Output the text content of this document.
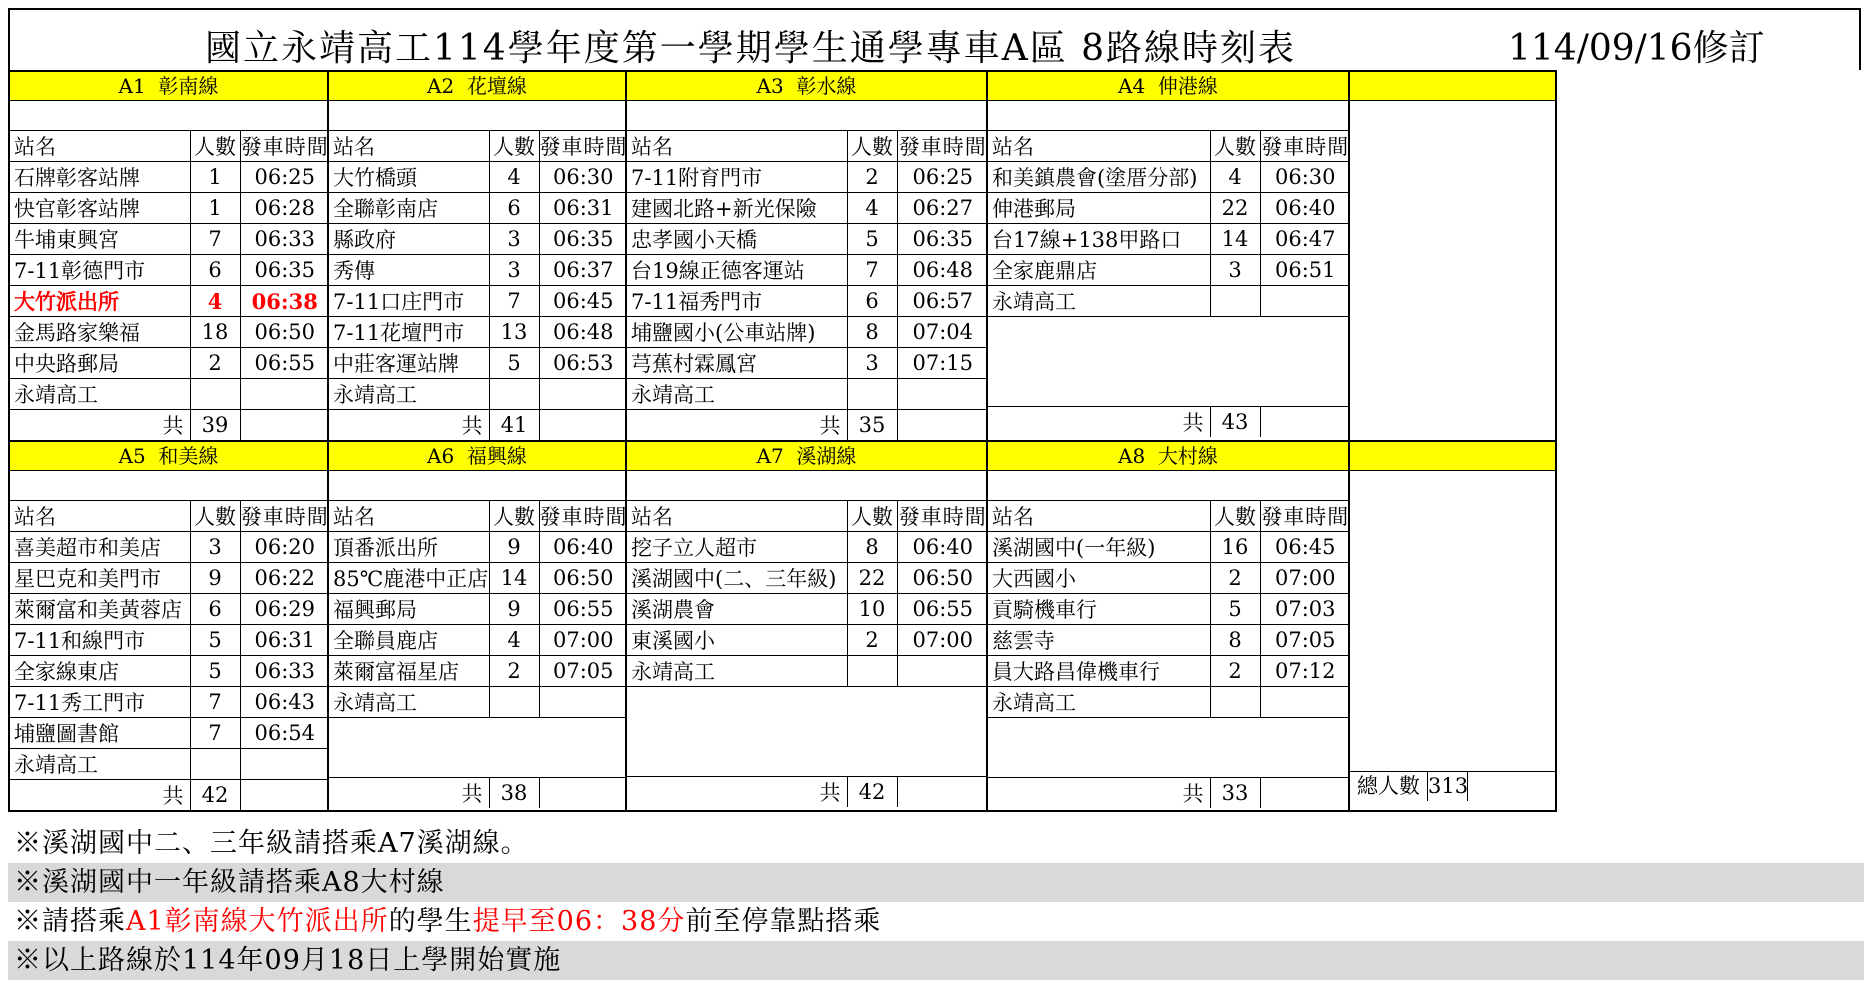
國立永靖高工114學年度第一學期學生通學專車A區 8路線時刻表	114/09/16修訂
A1  彰南線
站名	人數	發車時間
石牌彰客站牌	1	06:25
快官彰客站牌	1	06:28
牛埔東興宮	7	06:33
7-11彰德門市	6	06:35
大竹派出所	4	06:38
金馬路家樂福	18	06:50
中央路郵局	2	06:55
永靖高工		
共	39	
A2  花壇線
站名	人數	發車時間
大竹橋頭	4	06:30
全聯彰南店	6	06:31
縣政府	3	06:35
秀傳	3	06:37
7-11口庄門市	7	06:45
7-11花壇門市	13	06:48
中莊客運站牌	5	06:53
永靖高工		
共	41	
A3  彰水線
站名	人數	發車時間
7-11附育門市	2	06:25
建國北路+新光保險	4	06:27
忠孝國小天橋	5	06:35
台19線正德客運站	7	06:48
7-11福秀門市	6	06:57
埔鹽國小(公車站牌)	8	07:04
芎蕉村霖鳳宮	3	07:15
永靖高工		
共	35	
A4  伸港線
站名	人數	發車時間
和美鎮農會(塗厝分部)	4	06:30
伸港郵局	22	06:40
台17線+138甲路口	14	06:47
全家鹿鼎店	3	06:51
永靖高工		

共	43	
A5  和美線
站名	人數	發車時間
喜美超市和美店	3	06:20
星巴克和美門市	9	06:22
萊爾富和美黃蓉店	6	06:29
7-11和線門市	5	06:31
全家線東店	5	06:33
7-11秀工門市	7	06:43
埔鹽圖書館	7	06:54
永靖高工		
共	42	
A6  福興線
站名	人數	發車時間
頂番派出所	9	06:40
85℃鹿港中正店	14	06:50
福興郵局	9	06:55
全聯員鹿店	4	07:00
萊爾富福星店	2	07:05
永靖高工		

共	38	
A7  溪湖線
站名	人數	發車時間
挖子立人超市	8	06:40
溪湖國中(二、三年級)	22	06:50
溪湖農會	10	06:55
東溪國小	2	07:00
永靖高工		

共	42	
A8  大村線
站名	人數	發車時間
溪湖國中(一年級)	16	06:45
大西國小	2	07:00
貢騎機車行	5	07:03
慈雲寺	8	07:05
員大路昌偉機車行	2	07:12
永靖高工		

共	33		總人數 313
※溪湖國中二、三年級請搭乘A7溪湖線。
※溪湖國中一年級請搭乘A8大村線
※請搭乘A1彰南線大竹派出所的學生提早至06：38分前至停靠點搭乘
※以上路線於114年09月18日上學開始實施
